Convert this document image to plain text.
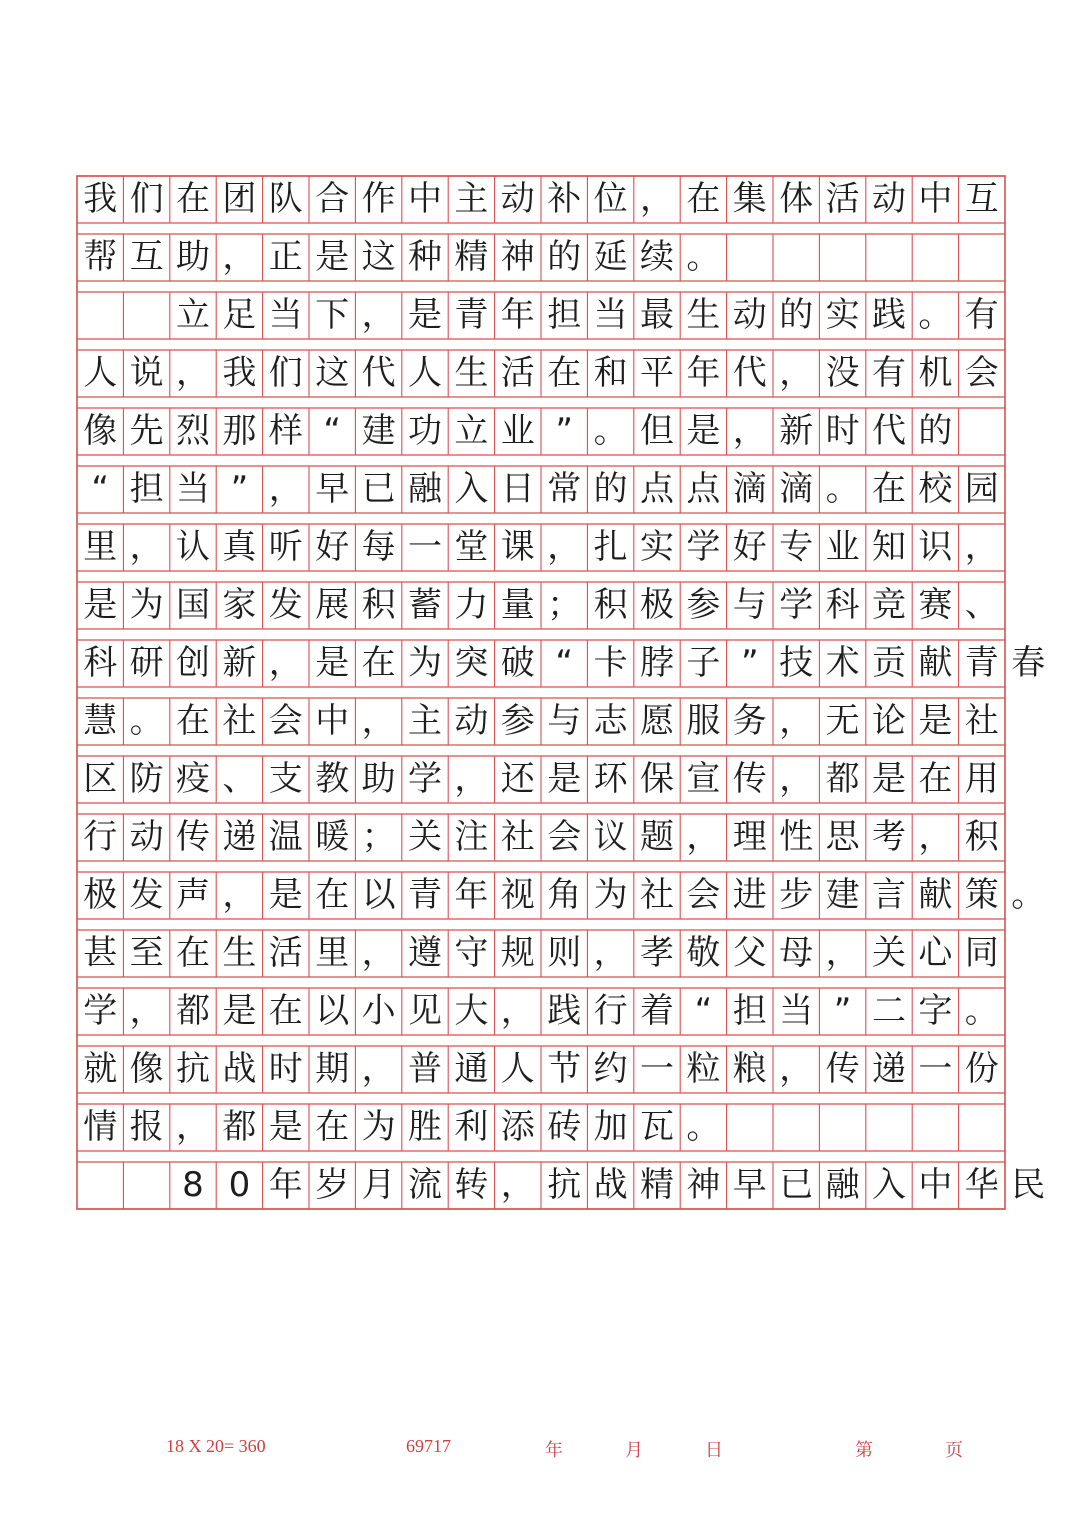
我 们 在 团 队 合 作 中 主 动 补 位 ， 在 集 体 活 动 中 互
帮 互 助 ， 正 是 这 种 精 神 的 延 续 。

立 足 当 下 ， 是 青 年 担 当 最 生 动 的 实 践 。 有
人 说 ， 我 们 这 代 人 生 活 在 和 平 年 代 ， 没 有 机 会
像 先 烈 那 样 “ 建 功 立 业 ” 。 但 是 ， 新 时 代 的
“ 担 当 ” ， 早 已 融 入 日 常 的 点 点 滴 滴 。 在 校 园
里 ， 认 真 听 好 每 一 堂 课 ， 扎 实 学 好 专 业 知 识 ，
是 为 国 家 发 展 积 蓄 力 量 ； 积 极 参 与 学 科 竞 赛 、
科 研 创 新 ， 是 在 为 突 破 “ 卡 脖 子 ” 技 术 贡 献 青 春
慧 。 在 社 会 中 ， 主 动 参 与 志 愿 服 务 ， 无 论 是 社
区 防 疫 、 支 教 助 学 ， 还 是 环 保 宣 传 ， 都 是 在 用
行 动 传 递 温 暖 ； 关 注 社 会 议 题 ， 理 性 思 考 ， 积
极 发 声 ， 是 在 以 青 年 视 角 为 社 会 进 步 建 言 献 策 。
甚 至 在 生 活 里 ， 遵 守 规 则 ， 孝 敬 父 母 ， 关 心 同
学 ， 都 是 在 以 小 见 大 ， 践 行 着 “ 担 当 ” 二 字 。
就 像 抗 战 时 期 ， 普 通 人 节 约 一 粒 粮 ， 传 递 一 份
情 报 ， 都 是 在 为 胜 利 添 砖 加 瓦 。

8 0 年 岁 月 流 转 ， 抗 战 精 神 早 已 融 入 中 华 民
18 X 20= 360	69717	年	月	日	第	页
